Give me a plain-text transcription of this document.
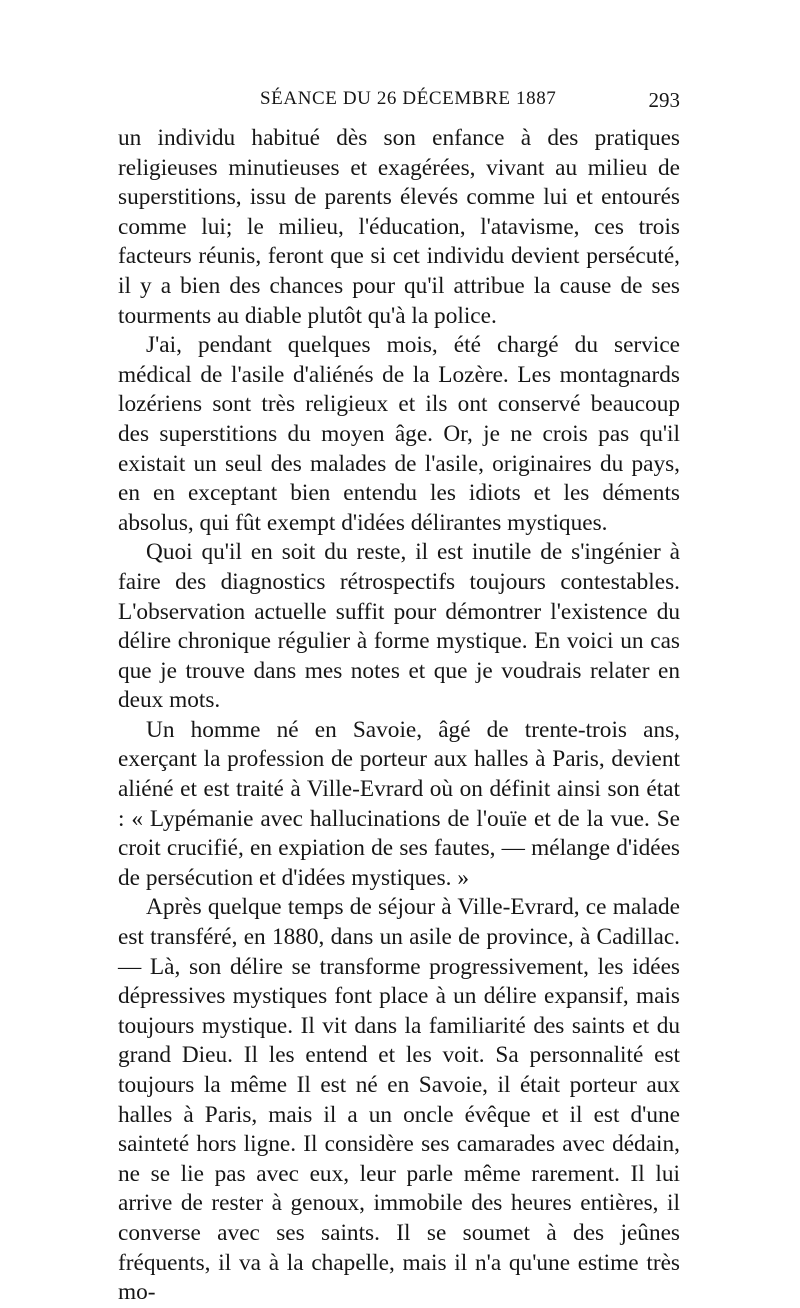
SÉANCE DU 26 DÉCEMBRE 1887	293

un individu habitué dès son enfance à des pratiques religieuses minutieuses et exagérées, vivant au milieu de superstitions, issu de parents élevés comme lui et entourés comme lui; le milieu, l'éducation, l'atavisme, ces trois facteurs réunis, feront que si cet individu devient persécuté, il y a bien des chances pour qu'il attribue la cause de ses tourments au diable plutôt qu'à la police.

J'ai, pendant quelques mois, été chargé du service médical de l'asile d'aliénés de la Lozère. Les montagnards lozériens sont très religieux et ils ont conservé beaucoup des superstitions du moyen âge. Or, je ne crois pas qu'il existait un seul des malades de l'asile, originaires du pays, en en exceptant bien entendu les idiots et les déments absolus, qui fût exempt d'idées délirantes mystiques.

Quoi qu'il en soit du reste, il est inutile de s'ingénier à faire des diagnostics rétrospectifs toujours contestables. L'observation actuelle suffit pour démontrer l'existence du délire chronique régulier à forme mystique. En voici un cas que je trouve dans mes notes et que je voudrais relater en deux mots.

Un homme né en Savoie, âgé de trente-trois ans, exerçant la profession de porteur aux halles à Paris, devient aliéné et est traité à Ville-Evrard où on définit ainsi son état : « Lypémanie avec hallucinations de l'ouïe et de la vue. Se croit crucifié, en expiation de ses fautes, — mélange d'idées de persécution et d'idées mystiques. »

Après quelque temps de séjour à Ville-Evrard, ce malade est transféré, en 1880, dans un asile de province, à Cadillac. — Là, son délire se transforme progressivement, les idées dépressives mystiques font place à un délire expansif, mais toujours mystique. Il vit dans la familiarité des saints et du grand Dieu. Il les entend et les voit. Sa personnalité est toujours la même Il est né en Savoie, il était porteur aux halles à Paris, mais il a un oncle évêque et il est d'une sainteté hors ligne. Il considère ses camarades avec dédain, ne se lie pas avec eux, leur parle même rarement. Il lui arrive de rester à genoux, immobile des heures entières, il converse avec ses saints. Il se soumet à des jeûnes fréquents, il va à la chapelle, mais il n'a qu'une estime très mo-
